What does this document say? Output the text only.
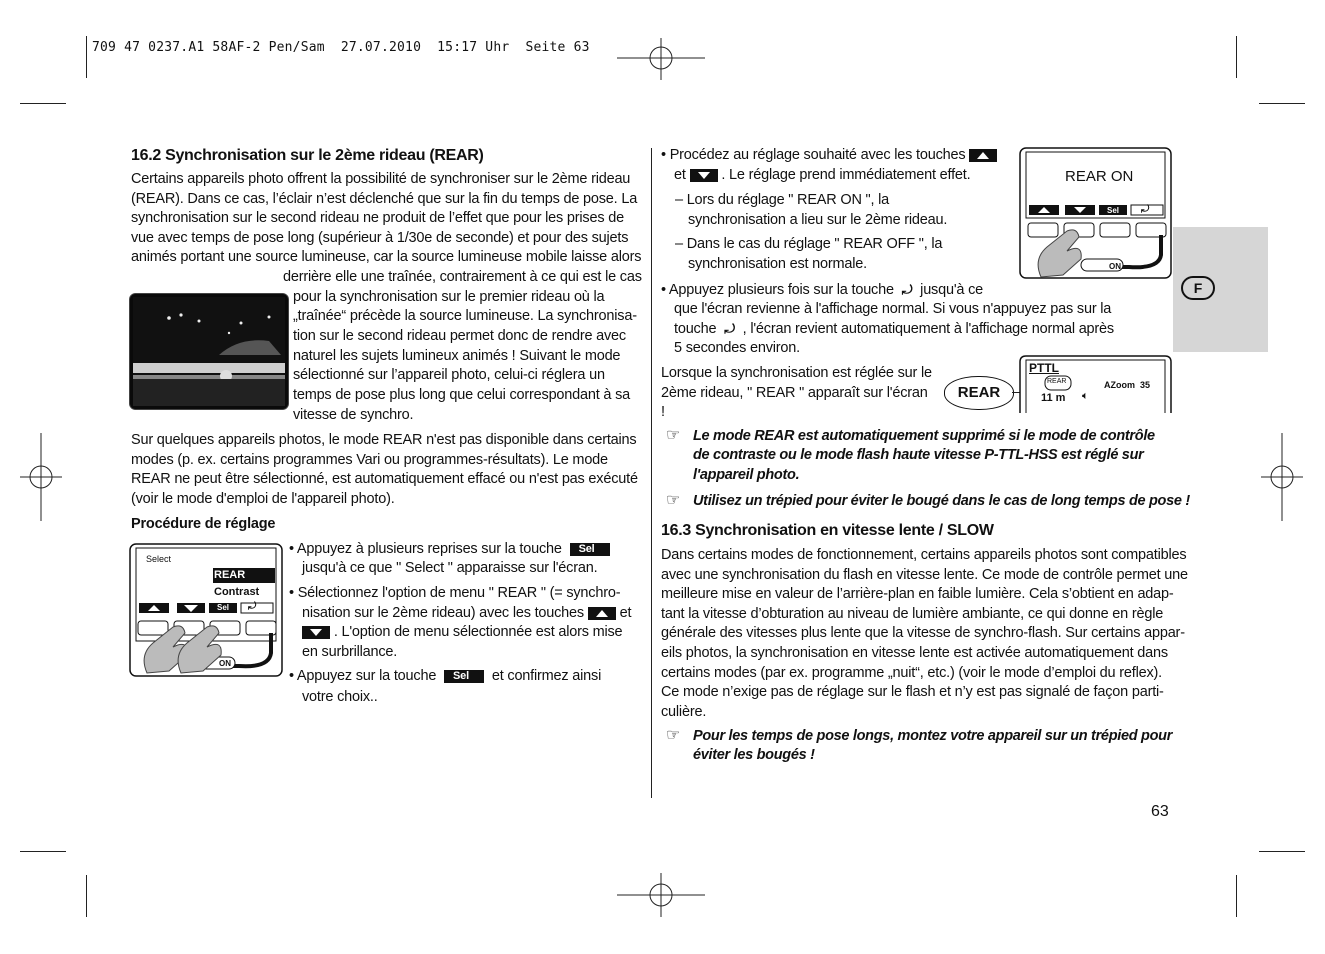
709 47 0237.A1 58AF-2 Pen/Sam  27.07.2010  15:17 Uhr  Seite 63
F
16.2 Synchronisation sur le 2ème rideau (REAR)
Certains appareils photo offrent la possibilité de synchroniser sur le 2ème rideau
(REAR). Dans ce cas, l’éclair n’est déclenché que sur la fin du temps de pose. La
synchronisation sur le second rideau ne produit de l’effet que pour les prises de
vue avec temps de pose long (supérieur à 1/30e de seconde) et pour des sujets
animés portant une source lumineuse, car la source lumineuse mobile laisse alors
derrière elle une traînée, contrairement à ce qui est le cas
pour la synchronisation sur le premier rideau où la
„traînée“ précède la source lumineuse. La synchronisa-
tion sur le second rideau permet donc de rendre avec
naturel les sujets lumineux animés ! Suivant le mode
sélectionné sur l’appareil photo, celui-ci réglera un
temps de pose plus long que celui correspondant à sa
vitesse de synchro.
Sur quelques appareils photos, le mode REAR n'est pas disponible dans certains
modes (p. ex. certains programmes Vari ou programmes-résultats). Le mode
REAR ne peut être sélectionné, est automatiquement effacé ou n'est pas exécuté
(voir le mode d'emploi de l'appareil photo).
Procédure de réglage
Select
REAR
Contrast
Sel
ON
⤾
• Appuyez à plusieurs reprises sur la touche Sel
jusqu'à ce que " Select " apparaisse sur l'écran.
• Sélectionnez l'option de menu " REAR " (= synchro-
nisation sur le 2ème rideau) avec les touches et
. L'option de menu sélectionnée est alors mise
en surbrillance.
• Appuyez sur la touche Sel et confirmez ainsi
votre choix..
• Procédez au réglage souhaité avec les touches
et . Le réglage prend immédiatement effet.
– Lors du réglage " REAR ON ", la
synchronisation a lieu sur le 2ème rideau.
– Dans le cas du réglage " REAR OFF ", la
synchronisation est normale.
• Appuyez plusieurs fois sur la touche ⤾ jusqu'à ce
que l'écran revienne à l'affichage normal. Si vous n'appuyez pas sur la
touche ⤾ , l'écran revient automatiquement à l'affichage normal après
5 secondes environ.
REAR ON
Sel
ON
⤾
Lorsque la synchronisation est réglée sur le
2ème rideau, " REAR " apparaît sur l'écran
!
REAR
PTTL
REAR	AZoom  35
11 m 🔈︎
☞ Le mode REAR est automatiquement supprimé si le mode de contrôle
de contraste ou le mode flash haute vitesse P-TTL-HSS est réglé sur
l'appareil photo.
☞ Utilisez un trépied pour éviter le bougé dans le cas de long temps de pose !
16.3 Synchronisation en vitesse lente / SLOW
Dans certains modes de fonctionnement, certains appareils photos sont compatibles
avec une synchronisation du flash en vitesse lente. Ce mode de contrôle permet une
meilleure mise en valeur de l’arrière-plan en faible lumière. Cela s’obtient en adap-
tant la vitesse d’obturation au niveau de lumière ambiante, ce qui donne en règle
générale des vitesses plus lente que la vitesse de synchro-flash. Sur certains appar-
eils photos, la synchronisation en vitesse lente est activée automatiquement dans
certains modes (par ex. programme „nuit“, etc.) (voir le mode d’emploi du reflex).
Ce mode n’exige pas de réglage sur le flash et n’y est pas signalé de façon parti-
culière.
☞ Pour les temps de pose longs, montez votre appareil sur un trépied pour
éviter les bougés !
63
